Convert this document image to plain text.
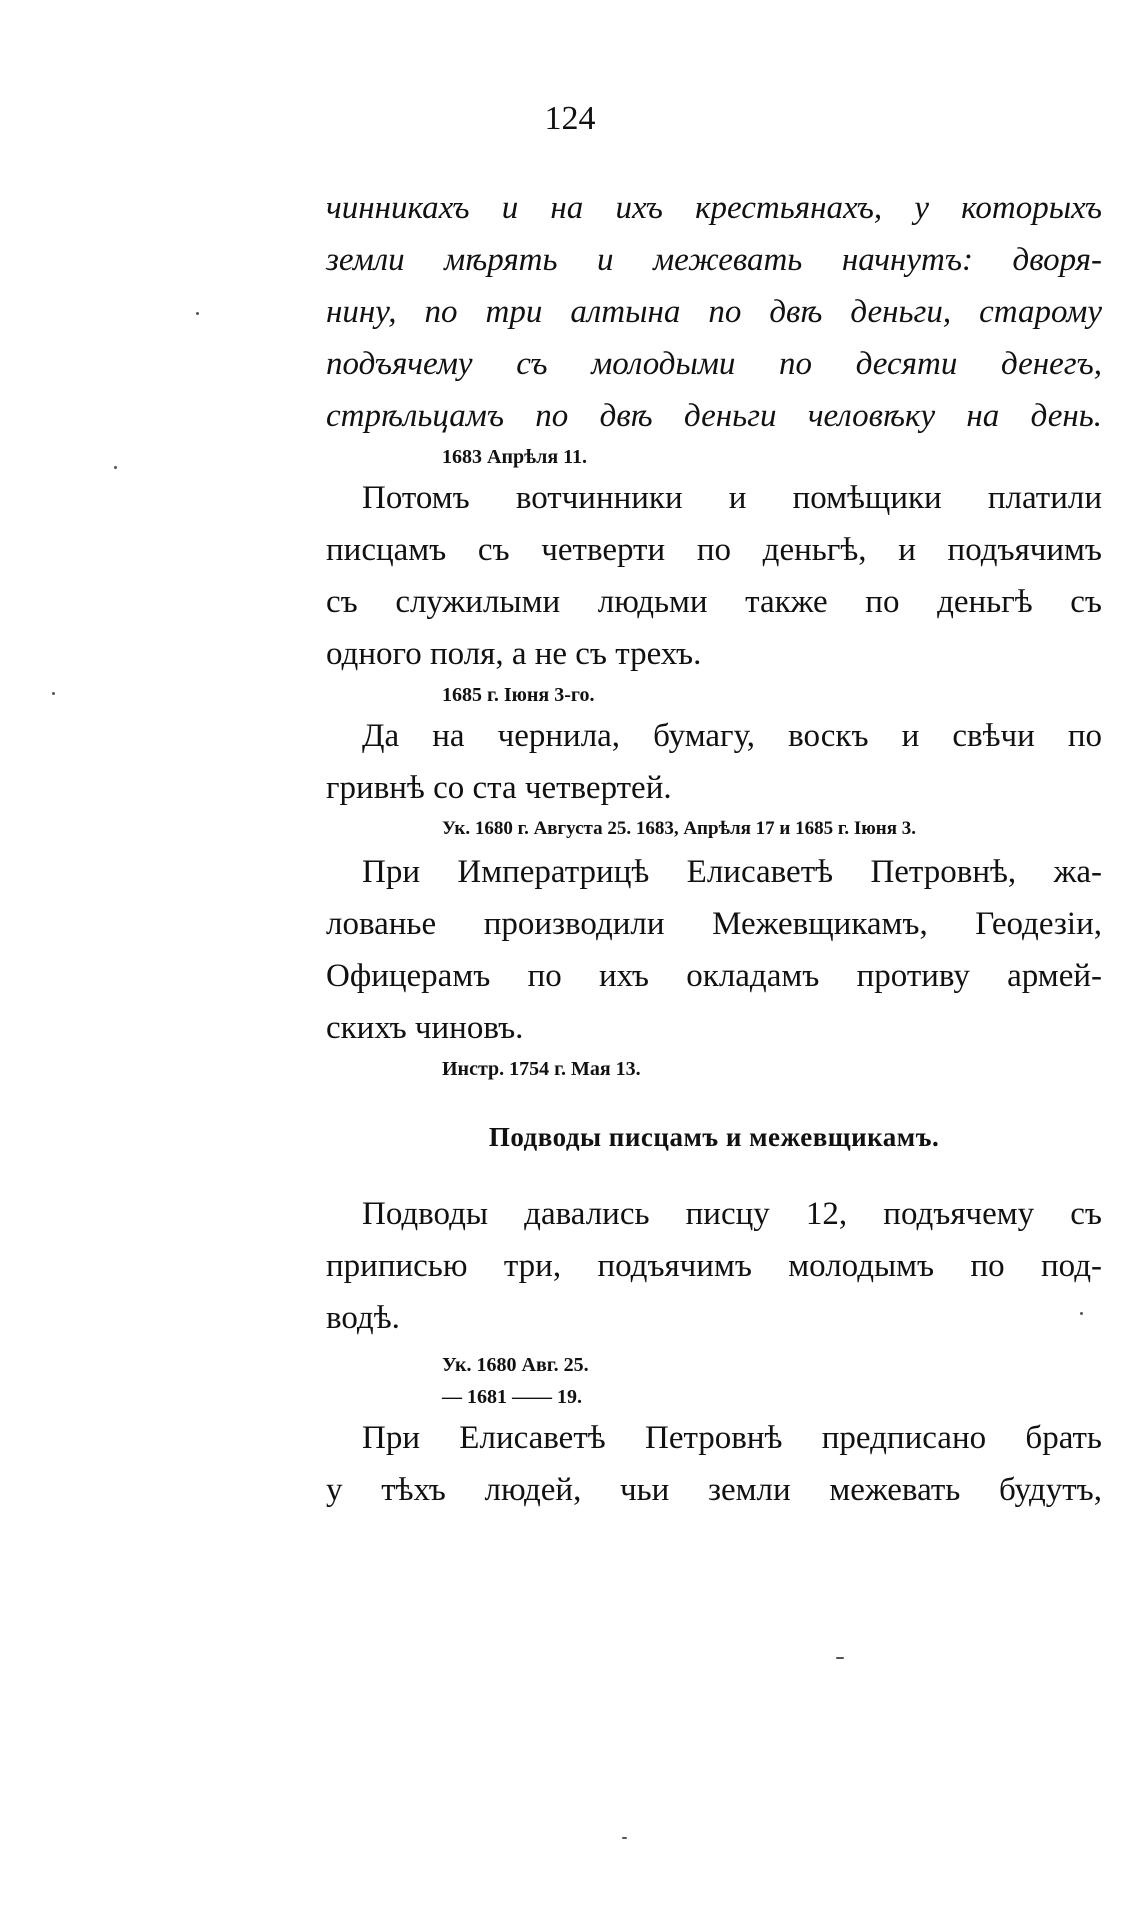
124
чинникахъ и на ихъ крестьянахъ, у которыхъ
земли мѣрять и межевать начнутъ: дворя-
нину, по три алтына по двѣ деньги, старому
подъячему съ молодыми по десяти денегъ,
стрѣльцамъ по двѣ деньги человѣку на день.
1683 Апрѣля 11.
Потомъ вотчинники и помѣщики платили
писцамъ съ четверти по деньгѣ, и подъячимъ
съ служилыми людьми также по деньгѣ съ
одного поля, а не съ трехъ.
1685 г. Іюня 3-го.
Да на чернила, бумагу, воскъ и свѣчи по
гривнѣ со ста четвертей.
Ук. 1680 г. Августа 25. 1683, Апрѣля 17 и 1685 г. Іюня 3.
При Императрицѣ Елисаветѣ Петровнѣ, жа-
лованье производили Межевщикамъ, Геодезіи,
Офицерамъ по ихъ окладамъ противу армей-
скихъ чиновъ.
Инстр. 1754 г. Мая 13.
Подводы писцамъ и межевщикамъ.
Подводы давались писцу 12, подъячему съ
приписью три, подъячимъ молодымъ по под-
водѣ.
Ук. 1680 Авг. 25.
— 1681 —— 19.
При Елисаветѣ Петровнѣ предписано брать
у тѣхъ людей, чьи земли межевать будутъ,
